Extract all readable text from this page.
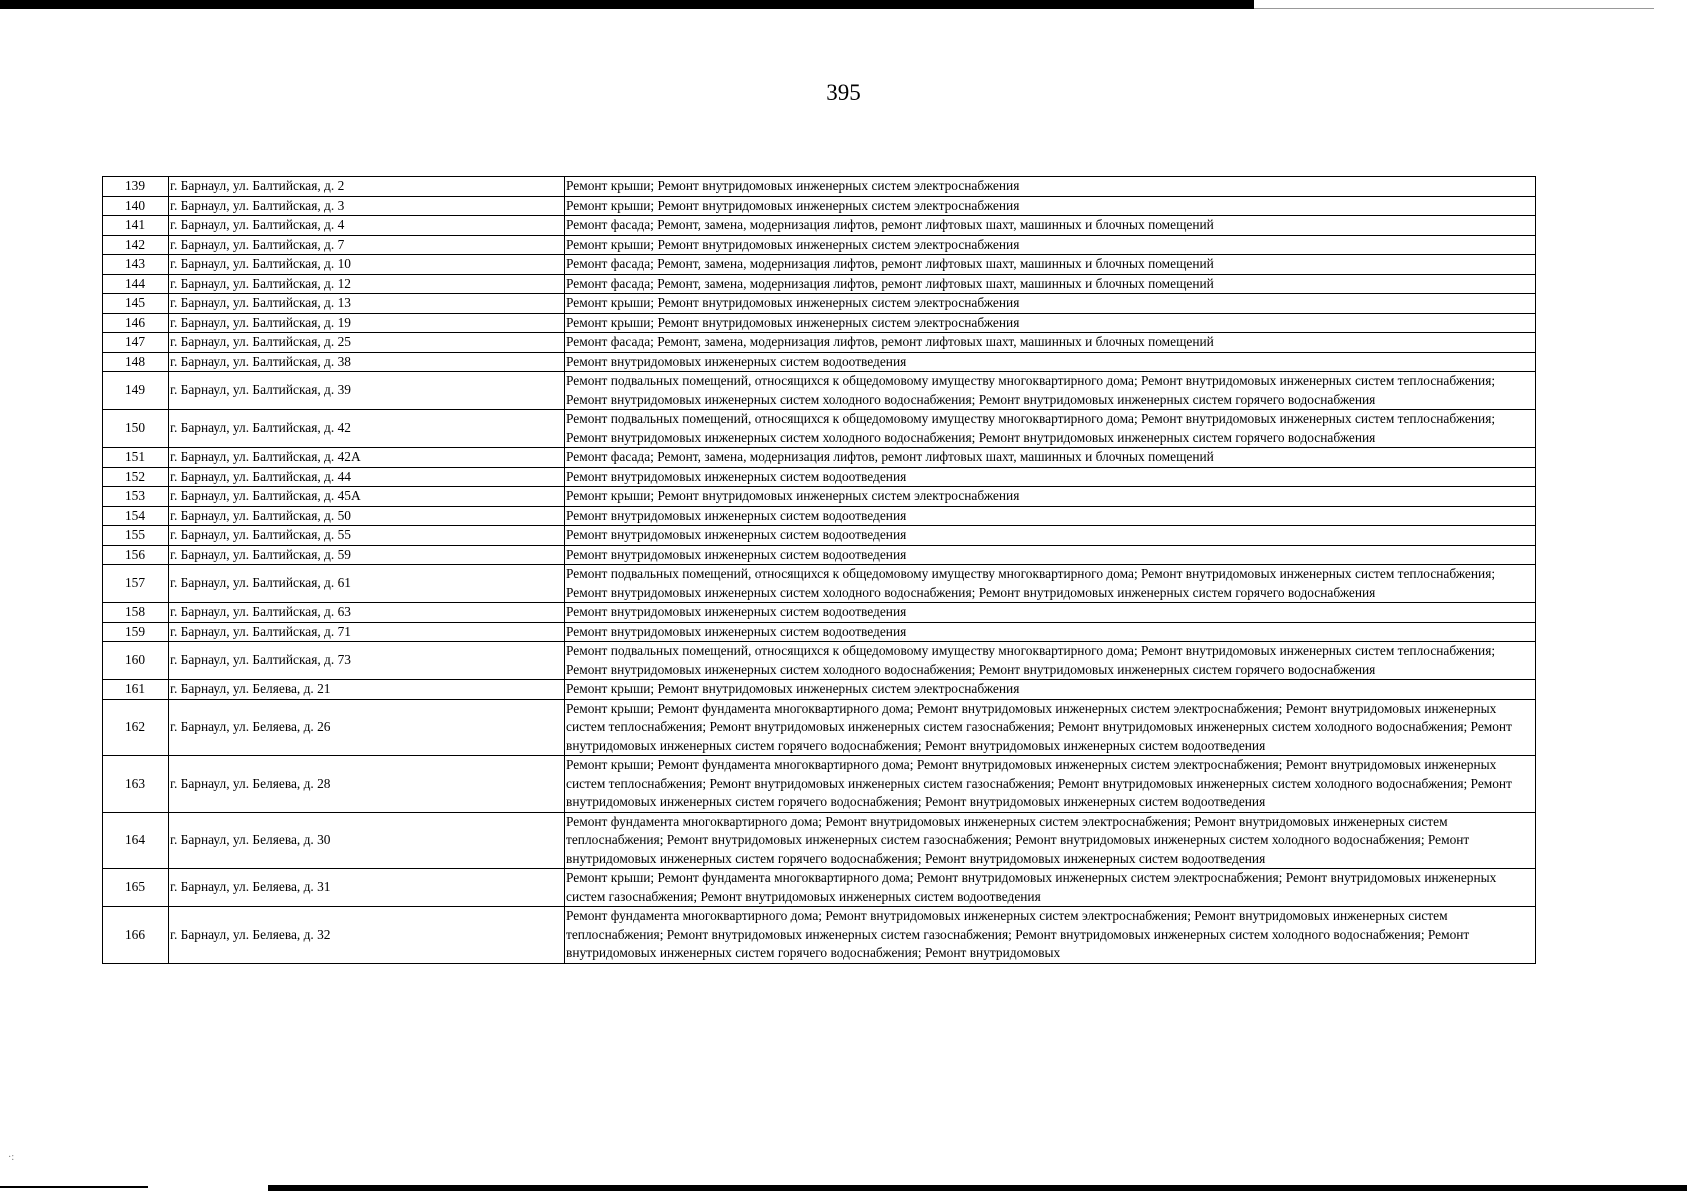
395
·:
139	г. Барнаул, ул. Балтийская, д. 2	Ремонт крыши; Ремонт внутридомовых инженерных систем электроснабжения
140	г. Барнаул, ул. Балтийская, д. 3	Ремонт крыши; Ремонт внутридомовых инженерных систем электроснабжения
141	г. Барнаул, ул. Балтийская, д. 4	Ремонт фасада; Ремонт, замена, модернизация лифтов, ремонт лифтовых шахт, машинных и блочных помещений
142	г. Барнаул, ул. Балтийская, д. 7	Ремонт крыши; Ремонт внутридомовых инженерных систем электроснабжения
143	г. Барнаул, ул. Балтийская, д. 10	Ремонт фасада; Ремонт, замена, модернизация лифтов, ремонт лифтовых шахт, машинных и блочных помещений
144	г. Барнаул, ул. Балтийская, д. 12	Ремонт фасада; Ремонт, замена, модернизация лифтов, ремонт лифтовых шахт, машинных и блочных помещений
145	г. Барнаул, ул. Балтийская, д. 13	Ремонт крыши; Ремонт внутридомовых инженерных систем электроснабжения
146	г. Барнаул, ул. Балтийская, д. 19	Ремонт крыши; Ремонт внутридомовых инженерных систем электроснабжения
147	г. Барнаул, ул. Балтийская, д. 25	Ремонт фасада; Ремонт, замена, модернизация лифтов, ремонт лифтовых шахт, машинных и блочных помещений
148	г. Барнаул, ул. Балтийская, д. 38	Ремонт внутридомовых инженерных систем водоотведения
149	г. Барнаул, ул. Балтийская, д. 39	Ремонт подвальных помещений, относящихся к общедомовому имуществу многоквартирного дома; Ремонт внутридомовых инженерных систем теплоснабжения; Ремонт внутридомовых инженерных систем холодного водоснабжения; Ремонт внутридомовых инженерных систем горячего водоснабжения
150	г. Барнаул, ул. Балтийская, д. 42	Ремонт подвальных помещений, относящихся к общедомовому имуществу многоквартирного дома; Ремонт внутридомовых инженерных систем теплоснабжения; Ремонт внутридомовых инженерных систем холодного водоснабжения; Ремонт внутридомовых инженерных систем горячего водоснабжения
151	г. Барнаул, ул. Балтийская, д. 42А	Ремонт фасада; Ремонт, замена, модернизация лифтов, ремонт лифтовых шахт, машинных и блочных помещений
152	г. Барнаул, ул. Балтийская, д. 44	Ремонт внутридомовых инженерных систем водоотведения
153	г. Барнаул, ул. Балтийская, д. 45А	Ремонт крыши; Ремонт внутридомовых инженерных систем электроснабжения
154	г. Барнаул, ул. Балтийская, д. 50	Ремонт внутридомовых инженерных систем водоотведения
155	г. Барнаул, ул. Балтийская, д. 55	Ремонт внутридомовых инженерных систем водоотведения
156	г. Барнаул, ул. Балтийская, д. 59	Ремонт внутридомовых инженерных систем водоотведения
157	г. Барнаул, ул. Балтийская, д. 61	Ремонт подвальных помещений, относящихся к общедомовому имуществу многоквартирного дома; Ремонт внутридомовых инженерных систем теплоснабжения; Ремонт внутридомовых инженерных систем холодного водоснабжения; Ремонт внутридомовых инженерных систем горячего водоснабжения
158	г. Барнаул, ул. Балтийская, д. 63	Ремонт внутридомовых инженерных систем водоотведения
159	г. Барнаул, ул. Балтийская, д. 71	Ремонт внутридомовых инженерных систем водоотведения
160	г. Барнаул, ул. Балтийская, д. 73	Ремонт подвальных помещений, относящихся к общедомовому имуществу многоквартирного дома; Ремонт внутридомовых инженерных систем теплоснабжения; Ремонт внутридомовых инженерных систем холодного водоснабжения; Ремонт внутридомовых инженерных систем горячего водоснабжения
161	г. Барнаул, ул. Беляева, д. 21	Ремонт крыши; Ремонт внутридомовых инженерных систем электроснабжения
162	г. Барнаул, ул. Беляева, д. 26	Ремонт крыши; Ремонт фундамента многоквартирного дома; Ремонт внутридомовых инженерных систем электроснабжения; Ремонт внутридомовых инженерных систем теплоснабжения; Ремонт внутридомовых инженерных систем газоснабжения; Ремонт внутридомовых инженерных систем холодного водоснабжения; Ремонт внутридомовых инженерных систем горячего водоснабжения; Ремонт внутридомовых инженерных систем водоотведения
163	г. Барнаул, ул. Беляева, д. 28	Ремонт крыши; Ремонт фундамента многоквартирного дома; Ремонт внутридомовых инженерных систем электроснабжения; Ремонт внутридомовых инженерных систем теплоснабжения; Ремонт внутридомовых инженерных систем газоснабжения; Ремонт внутридомовых инженерных систем холодного водоснабжения; Ремонт внутридомовых инженерных систем горячего водоснабжения; Ремонт внутридомовых инженерных систем водоотведения
164	г. Барнаул, ул. Беляева, д. 30	Ремонт фундамента многоквартирного дома; Ремонт внутридомовых инженерных систем электроснабжения; Ремонт внутридомовых инженерных систем теплоснабжения; Ремонт внутридомовых инженерных систем газоснабжения; Ремонт внутридомовых инженерных систем холодного водоснабжения; Ремонт внутридомовых инженерных систем горячего водоснабжения; Ремонт внутридомовых инженерных систем водоотведения
165	г. Барнаул, ул. Беляева, д. 31	Ремонт крыши; Ремонт фундамента многоквартирного дома; Ремонт внутридомовых инженерных систем электроснабжения; Ремонт внутридомовых инженерных систем газоснабжения; Ремонт внутридомовых инженерных систем водоотведения
166	г. Барнаул, ул. Беляева, д. 32	Ремонт фундамента многоквартирного дома; Ремонт внутридомовых инженерных систем электроснабжения; Ремонт внутридомовых инженерных систем теплоснабжения; Ремонт внутридомовых инженерных систем газоснабжения; Ремонт внутридомовых инженерных систем холодного водоснабжения; Ремонт внутридомовых инженерных систем горячего водоснабжения; Ремонт внутридомовых
